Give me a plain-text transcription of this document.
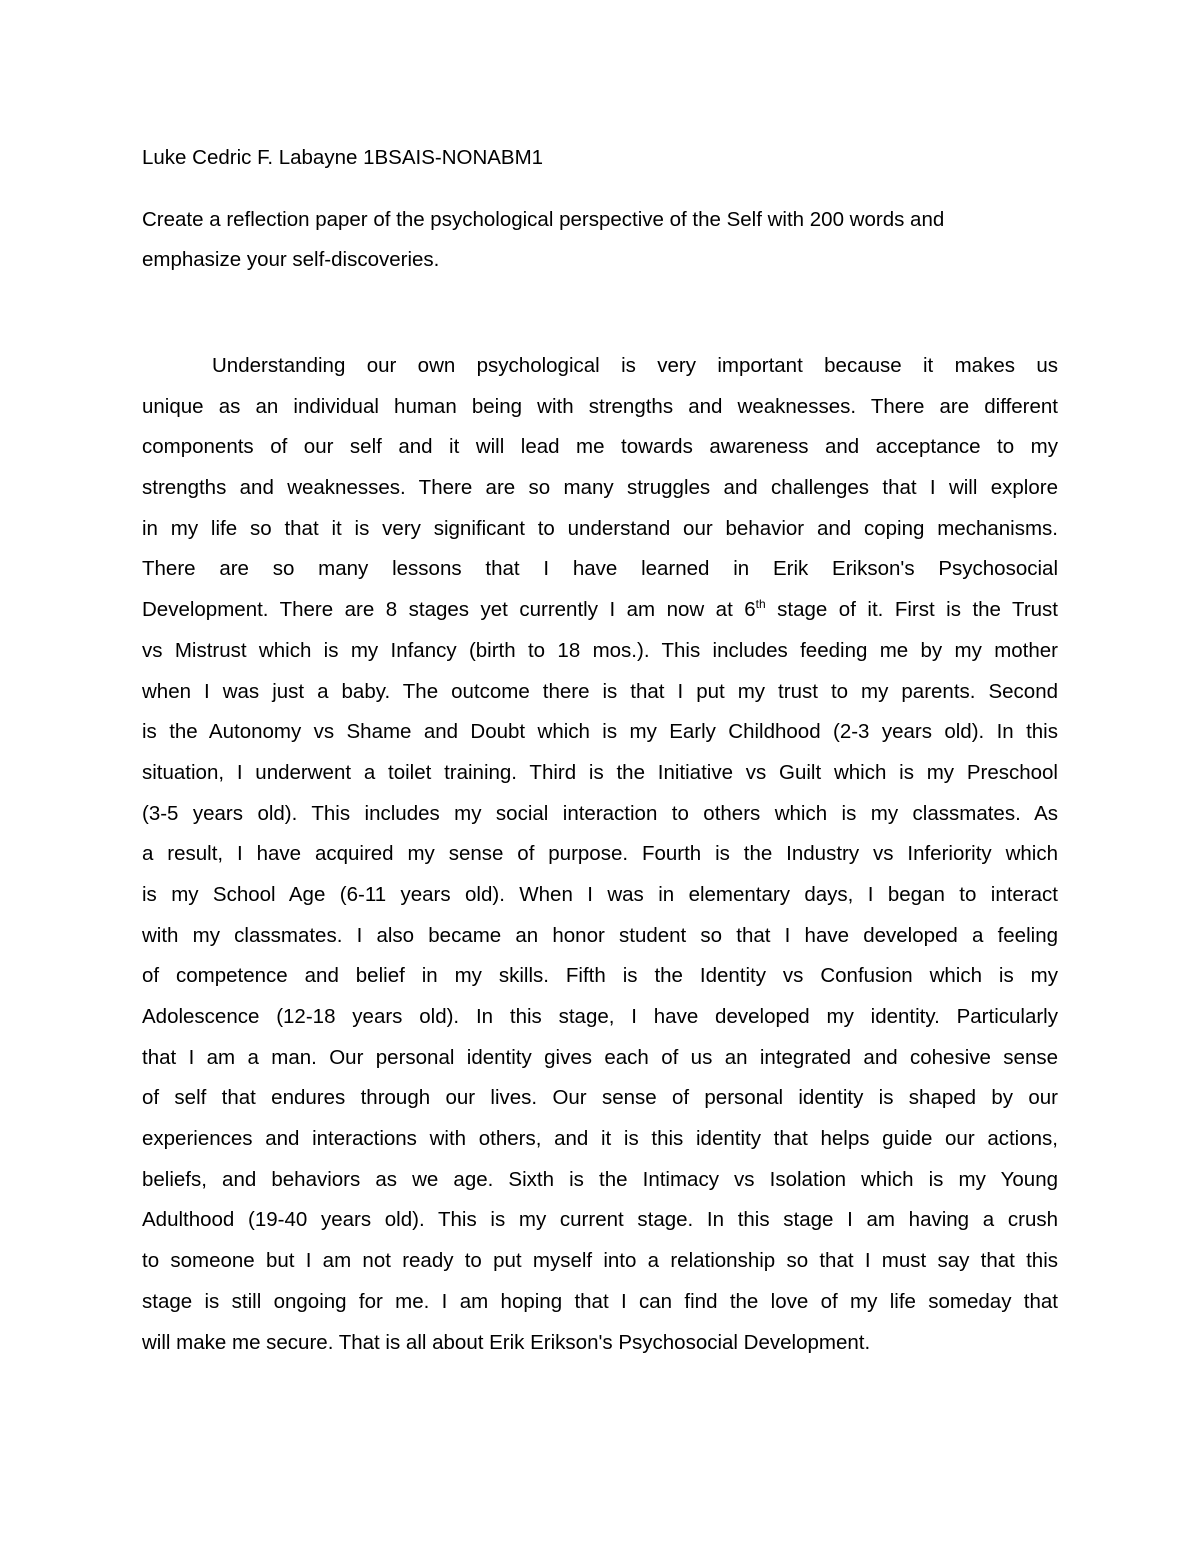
Luke Cedric F. Labayne 1BSAIS-NONABM1
Create a reflection paper of the psychological perspective of the Self with 200 words and
emphasize your self-discoveries.
Understanding our own psychological is very important because it makes us
unique as an individual human being with strengths and weaknesses. There are different
components of our self and it will lead me towards awareness and acceptance to my
strengths and weaknesses. There are so many struggles and challenges that I will explore
in my life so that it is very significant to understand our behavior and coping mechanisms.
There are so many lessons that I have learned in Erik Erikson's Psychosocial
Development. There are 8 stages yet currently I am now at 6th stage of it. First is the Trust
vs Mistrust which is my Infancy (birth to 18 mos.). This includes feeding me by my mother
when I was just a baby. The outcome there is that I put my trust to my parents. Second
is the Autonomy vs Shame and Doubt which is my Early Childhood (2-3 years old). In this
situation, I underwent a toilet training. Third is the Initiative vs Guilt which is my Preschool
(3-5 years old). This includes my social interaction to others which is my classmates. As
a result, I have acquired my sense of purpose. Fourth is the Industry vs Inferiority which
is my School Age (6-11 years old). When I was in elementary days, I began to interact
with my classmates. I also became an honor student so that I have developed a feeling
of competence and belief in my skills. Fifth is the Identity vs Confusion which is my
Adolescence (12-18 years old). In this stage, I have developed my identity. Particularly
that I am a man. Our personal identity gives each of us an integrated and cohesive sense
of self that endures through our lives. Our sense of personal identity is shaped by our
experiences and interactions with others, and it is this identity that helps guide our actions,
beliefs, and behaviors as we age. Sixth is the Intimacy vs Isolation which is my Young
Adulthood (19-40 years old). This is my current stage. In this stage I am having a crush
to someone but I am not ready to put myself into a relationship so that I must say that this
stage is still ongoing for me. I am hoping that I can find the love of my life someday that
will make me secure. That is all about Erik Erikson's Psychosocial Development.
